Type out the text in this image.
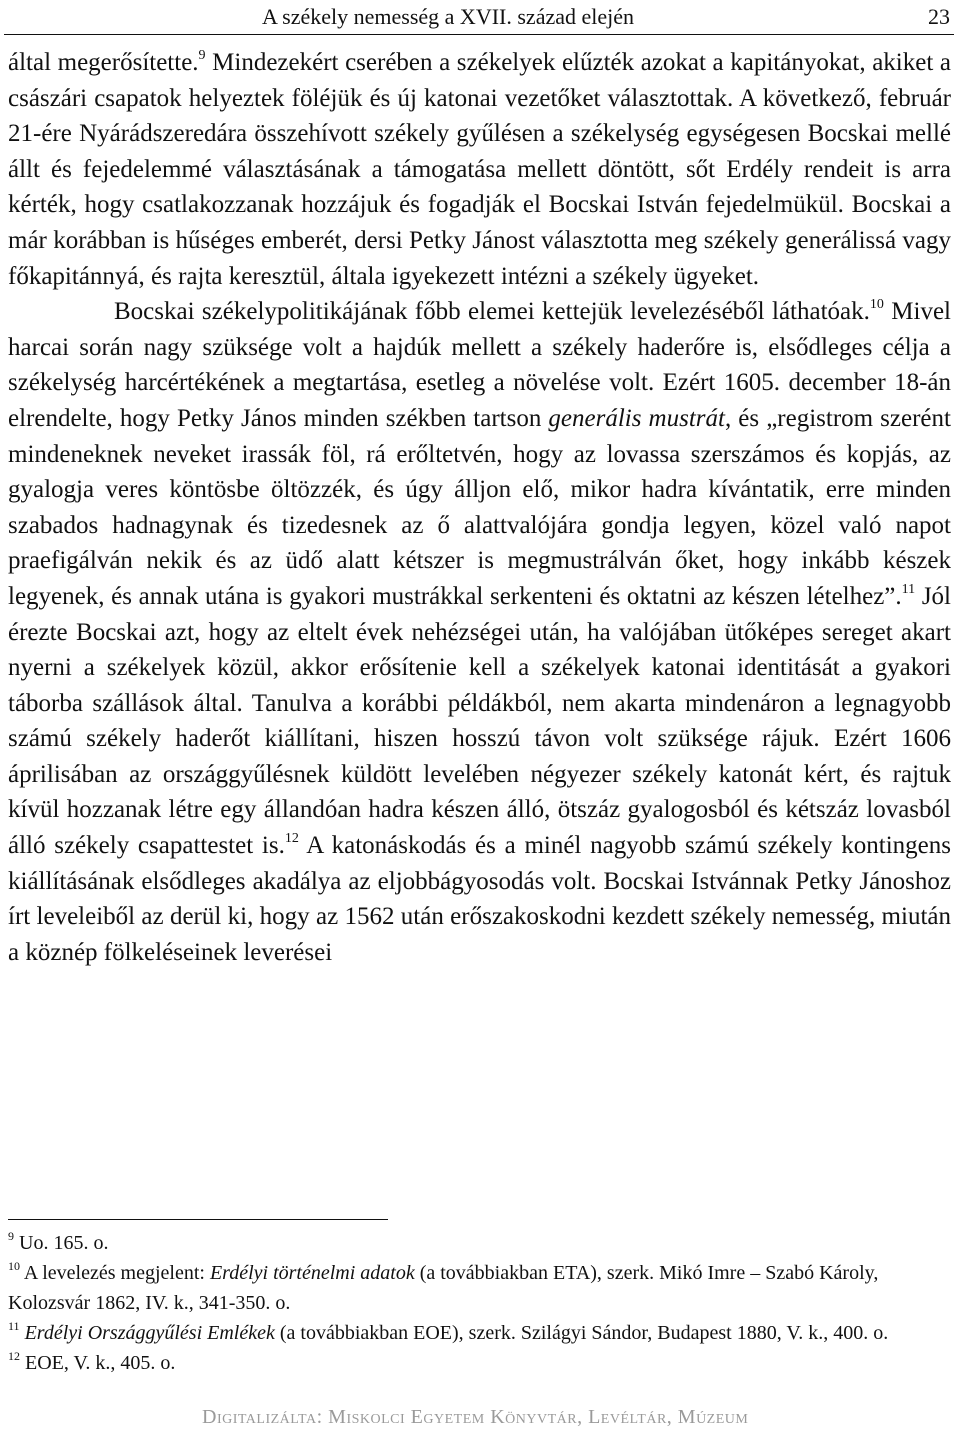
A székely nemesség a XVII. század elején	23

által megerősítette.$^9$ Mindezekért cserében a székelyek elűzték azokat a kapitányokat, akiket a császári csapatok helyeztek föléjük és új katonai vezetőket választottak. A következő, február 21-ére Nyárádszeredára összehívott székely gyűlésen a székelység egységesen Bocskai mellé állt és fejedelemmé választásának a támogatása mellett döntött, sőt Erdély rendeit is arra kérték, hogy csatlakozzanak hozzájuk és fogadják el Bocskai István fejedelmükül. Bocskai a már korábban is hűséges emberét, dersi Petky Jánost választotta meg székely generálissá vagy főkapitánnyá, és rajta keresztül, általa igyekezett intézni a székely ügyeket.

Bocskai székelypolitikájának főbb elemei kettejük levelezéséből láthatóak.$^{10}$ Mivel harcai során nagy szüksége volt a hajdúk mellett a székely haderőre is, elsődleges célja a székelység harcértékének a megtartása, esetleg a növelése volt. Ezért 1605. december 18-án elrendelte, hogy Petky János minden székben tartson generális mustrát, és „registrom szerént mindeneknek neveket irassák föl, rá erőltetvén, hogy az lovassa szerszámos és kopjás, az gyalogja veres köntösbe öltözzék, és úgy álljon elő, mikor hadra kívántatik, erre minden szabados hadnagynak és tizedesnek az ő alattvalójára gondja legyen, közel való napot praefigálván nekik és az üdő alatt kétszer is megmustrálván őket, hogy inkább készek legyenek, és annak utána is gyakori mustrákkal serkenteni és oktatni az készen lételhez”.$^{11}$ Jól érezte Bocskai azt, hogy az eltelt évek nehézségei után, ha valójában ütőképes sereget akart nyerni a székelyek közül, akkor erősítenie kell a székelyek katonai identitását a gyakori táborba szállások által. Tanulva a korábbi példákból, nem akarta mindenáron a legnagyobb számú székely haderőt kiállítani, hiszen hosszú távon volt szüksége rájuk. Ezért 1606 áprilisában az országgyűlésnek küldött levelében négyezer székely katonát kért, és rajtuk kívül hozzanak létre egy állandóan hadra készen álló, ötszáz gyalogosból és kétszáz lovasból álló székely csapattestet is.$^{12}$ A katonáskodás és a minél nagyobb számú székely kontingens kiállításának elsődleges akadálya az eljobbágyosodás volt. Bocskai Istvánnak Petky Jánoshoz írt leveleiből az derül ki, hogy az 1562 után erőszakoskodni kezdett székely nemesség, miután a köznép fölkeléseinek leverései

$^9$ Uo. 165. o.

$^{10}$ A levelezés megjelent: Erdélyi történelmi adatok (a továbbiakban ETA), szerk. Mikó Imre – Szabó Károly, Kolozsvár 1862, IV. k., 341-350. o.

$^{11}$ Erdélyi Országgyűlési Emlékek (a továbbiakban EOE), szerk. Szilágyi Sándor, Budapest 1880, V. k., 400. o.

$^{12}$ EOE, V. k., 405. o.

Digitalizálta: Miskolci Egyetem Könyvtár, Levéltár, Múzeum
